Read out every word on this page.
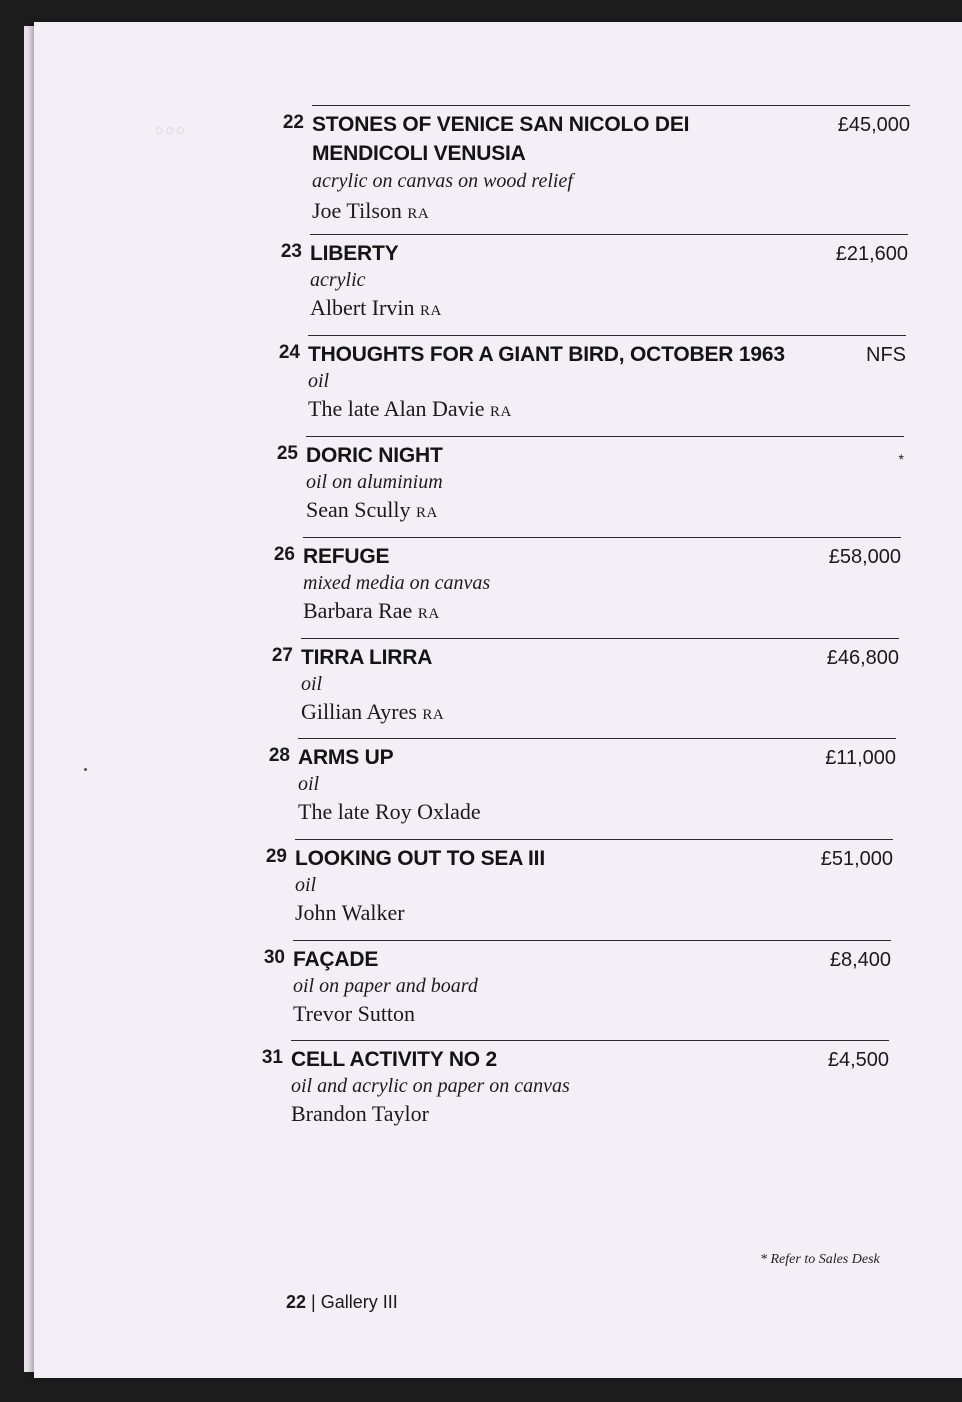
◦◦◦	22 STONES OF VENICE SAN NICOLO DEI MENDICOLI VENUSIA
acrylic on canvas on wood relief
Joe Tilson RA
£45,000
23 LIBERTY
acrylic
Albert Irvin RA
£21,600
24 THOUGHTS FOR A GIANT BIRD, OCTOBER 1963
oil
The late Alan Davie RA
NFS
25 DORIC NIGHT
oil on aluminium
Sean Scully RA
*
26 REFUGE
mixed media on canvas
Barbara Rae RA
£58,000
27 TIRRA LIRRA
oil
Gillian Ayres RA
£46,800
28 ARMS UP
oil
The late Roy Oxlade
£11,000
29 LOOKING OUT TO SEA III
oil
John Walker
£51,000
30 FAÇADE
oil on paper and board
Trevor Sutton
£8,400
31 CELL ACTIVITY NO 2
oil and acrylic on paper on canvas
Brandon Taylor
£4,500
* Refer to Sales Desk
22 | Gallery III
